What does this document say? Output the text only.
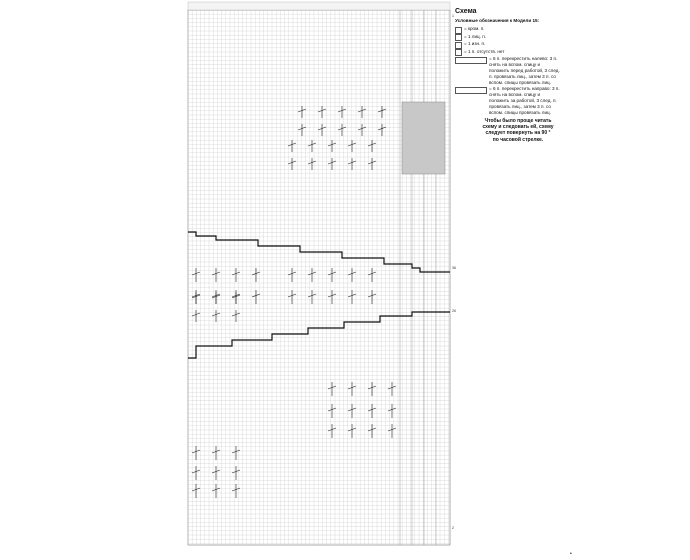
Схема
Условные обозначения к Модели 15:
= кром. п.
= 1 лиц. п.
= 1 изн. п.
= 1 п. отсутств. нет
= 6 п. перекрестить налево: 3 п. снять на вспом. спицу и положить перед работой, 3 след. п. провязать лиц., затем 3 п. со вспом. спицы провязать лиц.
= 6 п. перекрестить направо: 3 п. снять на вспом. спицу и положить за работой, 3 след. п. провязать лиц., затем 3 п. со вспом. спицы провязать лиц.
Чтобы было проще читать схему и следовать ей, схему следует повернуть на 90 ° по часовой стрелке.
1
36
26
2
•
